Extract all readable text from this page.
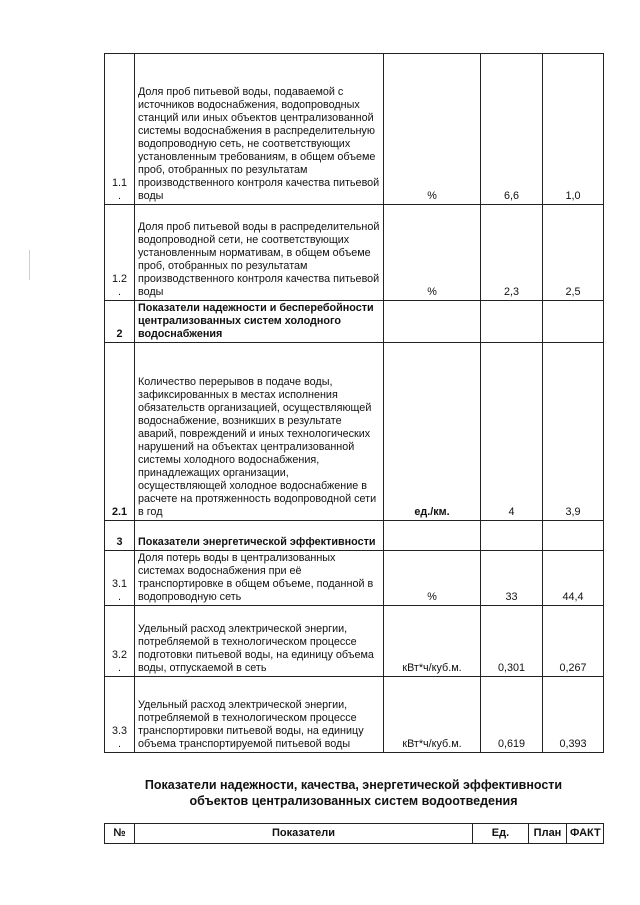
1.1
.	Доля проб питьевой воды, подаваемой с источников водоснабжения, водопроводных станций или иных объектов централизованной системы водоснабжения в распределительную водопроводную сеть, не соответствующих установленным требованиям, в общем объеме проб, отобранных по результатам производственного контроля качества питьевой воды	%	6,6	1,0
1.2
.	Доля проб питьевой воды в распределительной водопроводной сети, не соответствующих установленным нормативам, в общем объеме проб, отобранных по результатам производственного контроля качества питьевой воды	%	2,3	2,5
2	Показатели надежности и бесперебойности централизованных систем холодного водоснабжения			
2.1	Количество перерывов в подаче воды, зафиксированных в местах исполнения обязательств организацией, осуществляющей водоснабжение, возникших в результате аварий, повреждений и иных технологических нарушений на объектах централизованной системы холодного водоснабжения, принадлежащих организации, осуществляющей холодное водоснабжение в расчете на протяженность водопроводной сети в год	ед./км.	4	3,9
3	Показатели энергетической эффективности			
3.1
.	Доля потерь воды в централизованных системах водоснабжения при её транспортировке в общем объеме, поданной в водопроводную сеть	%	33	44,4
3.2
.	Удельный расход электрической энергии, потребляемой в технологическом процессе подготовки питьевой воды, на единицу объема воды, отпускаемой в сеть	кВт*ч/куб.м.	0,301	0,267
3.3
.	Удельный расход электрической энергии, потребляемой в технологическом процессе транспортировки питьевой воды, на единицу объема транспортируемой питьевой воды	кВт*ч/куб.м.	0,619	0,393
Показатели надежности, качества, энергетической эффективности
объектов централизованных систем водоотведения
№	Показатели	Ед.	План	ФАКТ
